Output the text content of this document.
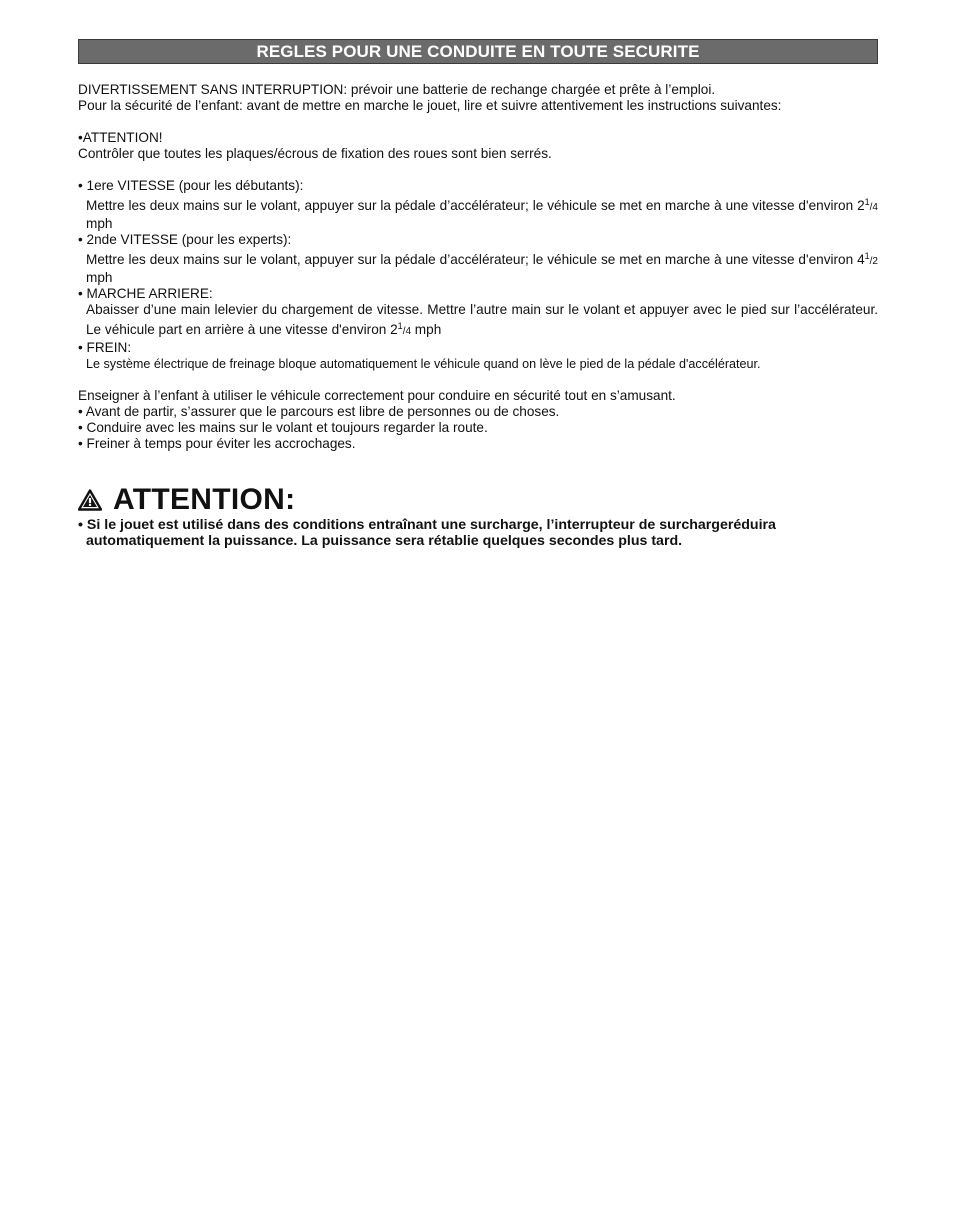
REGLES POUR UNE CONDUITE EN TOUTE SECURITE

DIVERTISSEMENT SANS INTERRUPTION: prévoir une batterie de rechange chargée et prête à l’emploi.

Pour la sécurité de l’enfant: avant de mettre en marche le jouet, lire et suivre attentivement les instructions suivantes:

•ATTENTION!

Contrôler que toutes les plaques/écrous de fixation des roues sont bien serrés.

• 1ere VITESSE (pour les débutants):

Mettre les deux mains sur le volant, appuyer sur la pédale d’accélérateur; le véhicule se met en marche à une vitesse d'environ $2^1/4$ mph

• 2nde VITESSE (pour les experts):

Mettre les deux mains sur le volant, appuyer sur la pédale d’accélérateur; le véhicule se met en marche à une vitesse d'environ $4^1/2$ mph

• MARCHE ARRIERE:

Abaisser d’une main lelevier du chargement de vitesse. Mettre l’autre main sur le volant et appuyer avec le pied sur l’accélérateur. Le véhicule part en arrière à une vitesse d'environ $2^1/4$ mph

• FREIN:

Le système électrique de freinage bloque automatiquement le véhicule quand on lève le pied de la pédale d'accélérateur.

Enseigner à l’enfant à utiliser le véhicule correctement pour conduire en sécurité tout en s’amusant.

• Avant de partir, s’assurer que le parcours est libre de personnes ou de choses.

• Conduire avec les mains sur le volant et toujours regarder la route.

• Freiner à temps pour éviter les accrochages.

ATTENTION:

• Si le jouet est utilisé dans des conditions entraînant une surcharge, l’interrupteur de surchargeréduira automatiquement la puissance. La puissance sera rétablie quelques secondes plus tard.
